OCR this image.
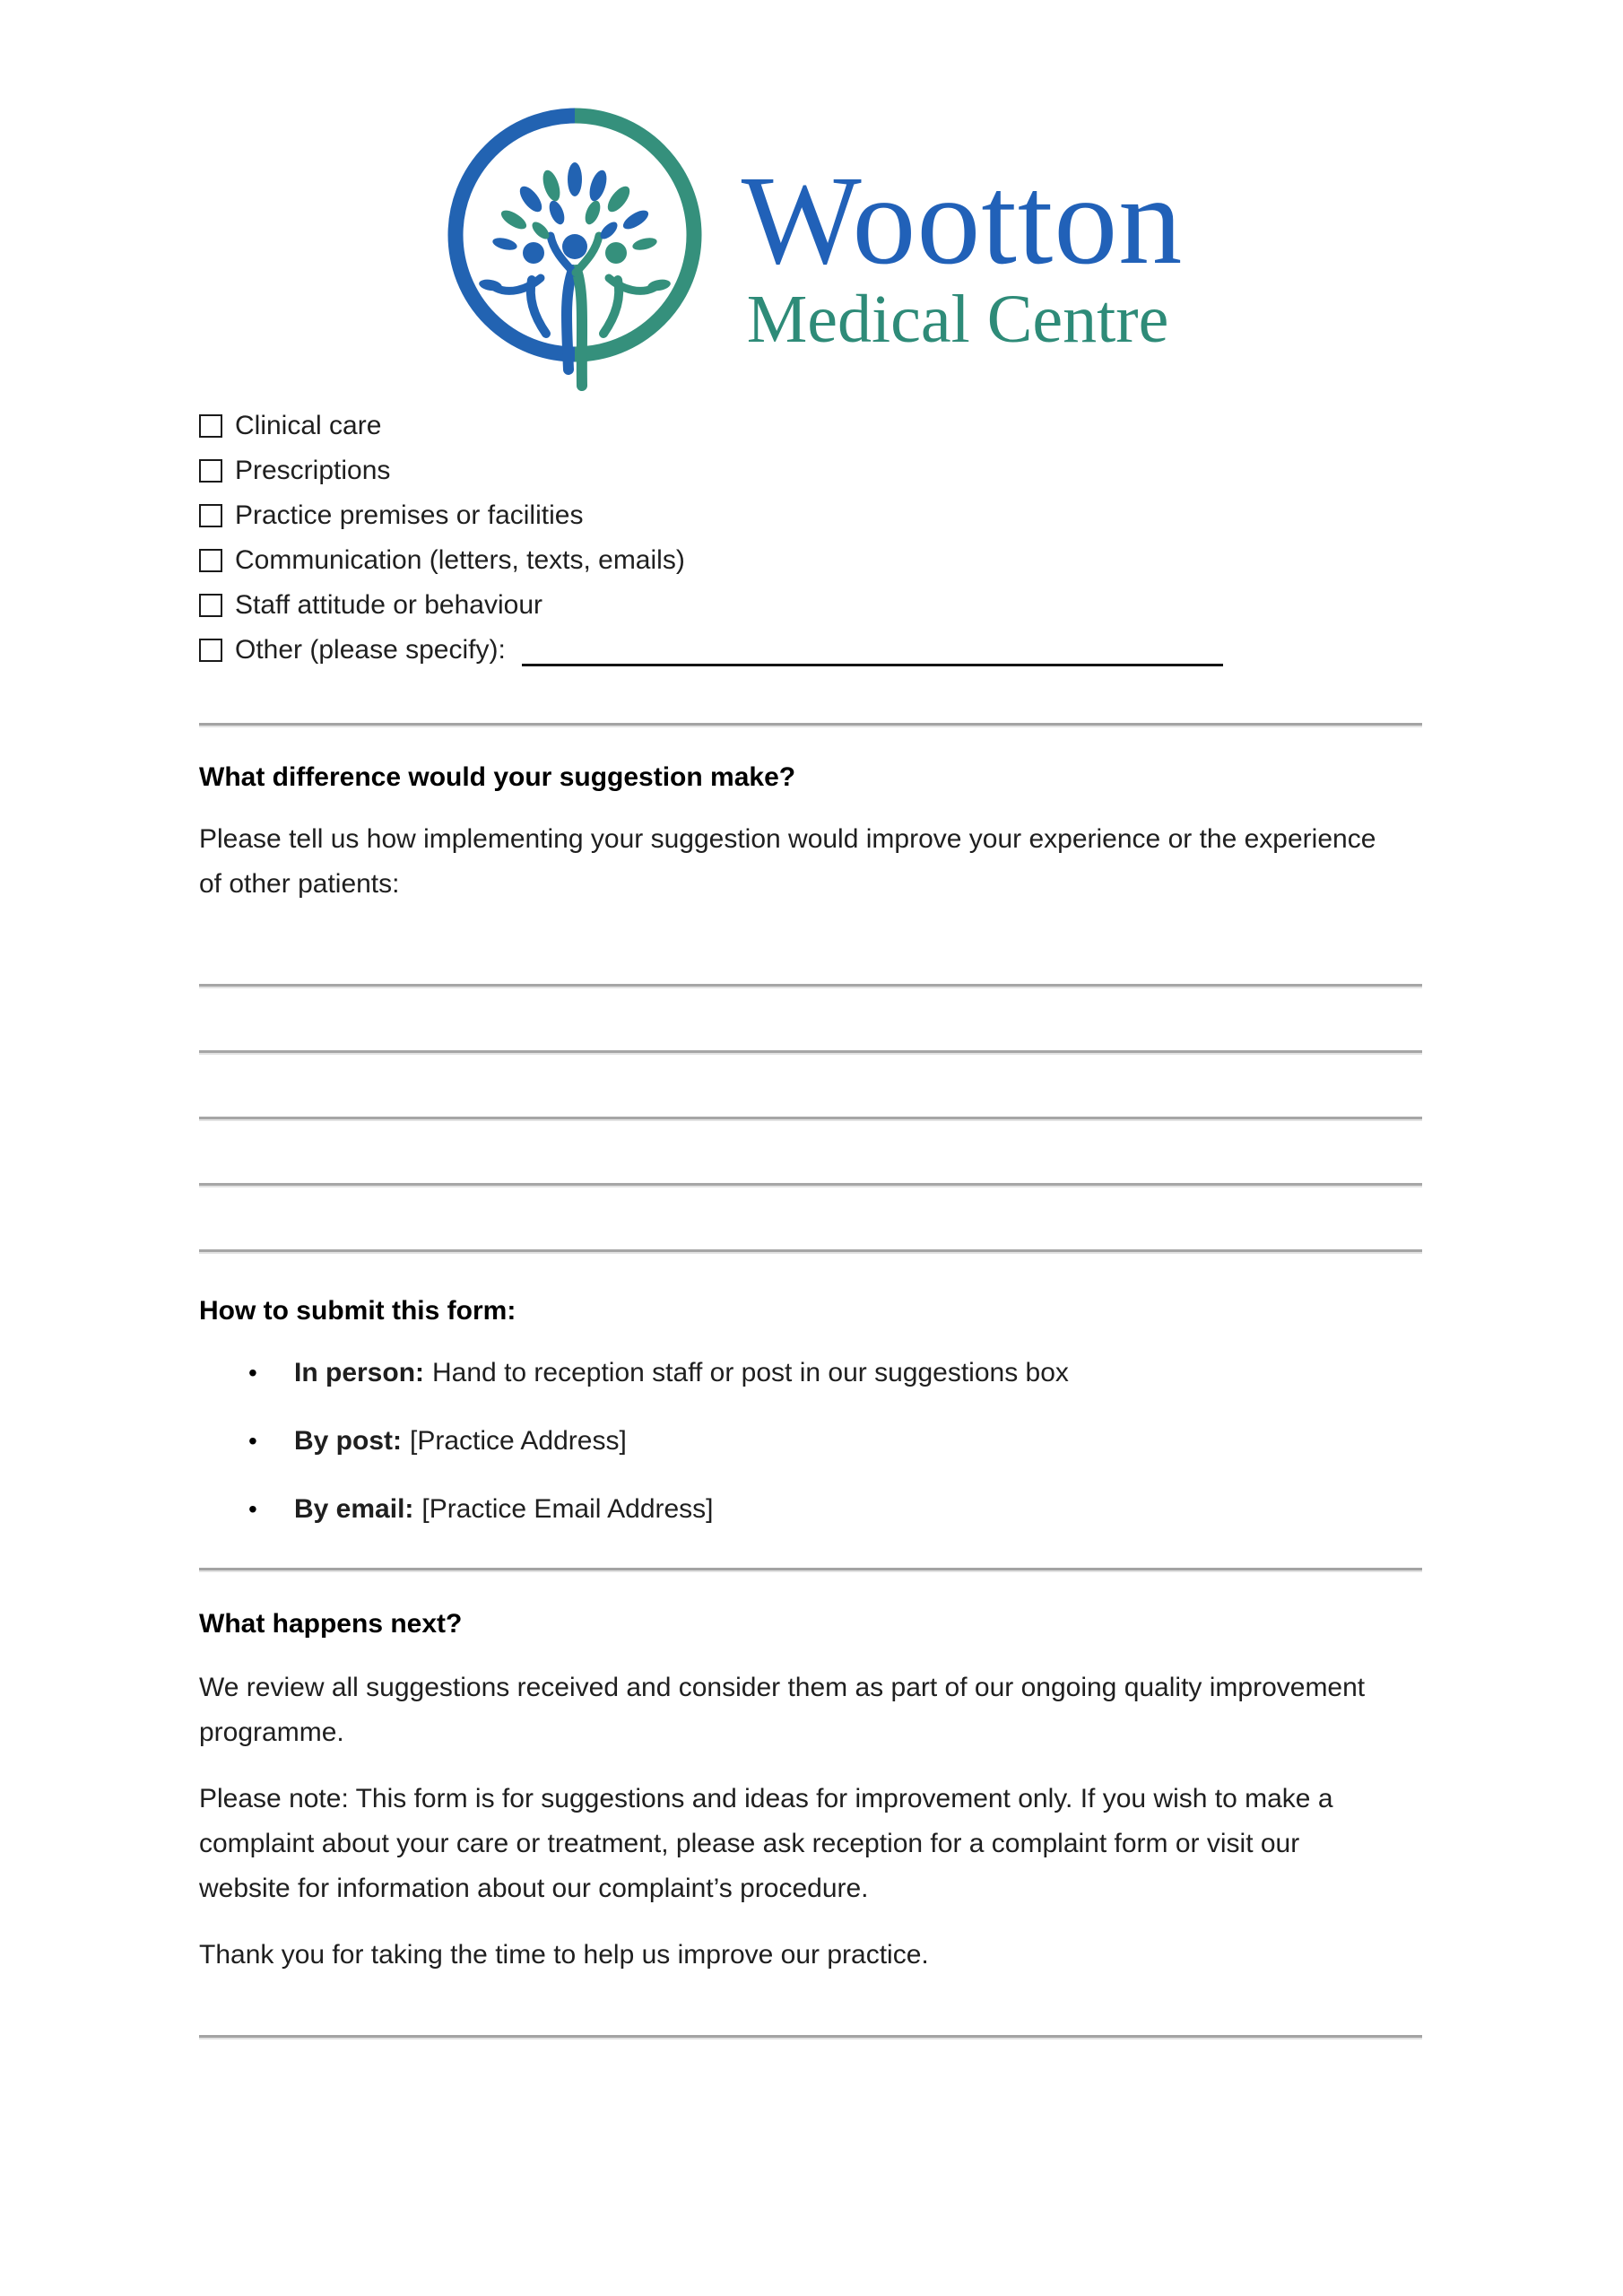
Wootton
Medical Centre
Clinical care
Prescriptions
Practice premises or facilities
Communication (letters, texts, emails)
Staff attitude or behaviour
Other (please specify):
What difference would your suggestion make?

Please tell us how implementing your suggestion would improve your experience or the experience of other patients:

How to submit this form:
•	In person: Hand to reception staff or post in our suggestions box
•	By post: [Practice Address]
•	By email: [Practice Email Address]
What happens next?

We review all suggestions received and consider them as part of our ongoing quality improvement programme.

Please note: This form is for suggestions and ideas for improvement only. If you wish to make a complaint about your care or treatment, please ask reception for a complaint form or visit our website for information about our complaint’s procedure.

Thank you for taking the time to help us improve our practice.
